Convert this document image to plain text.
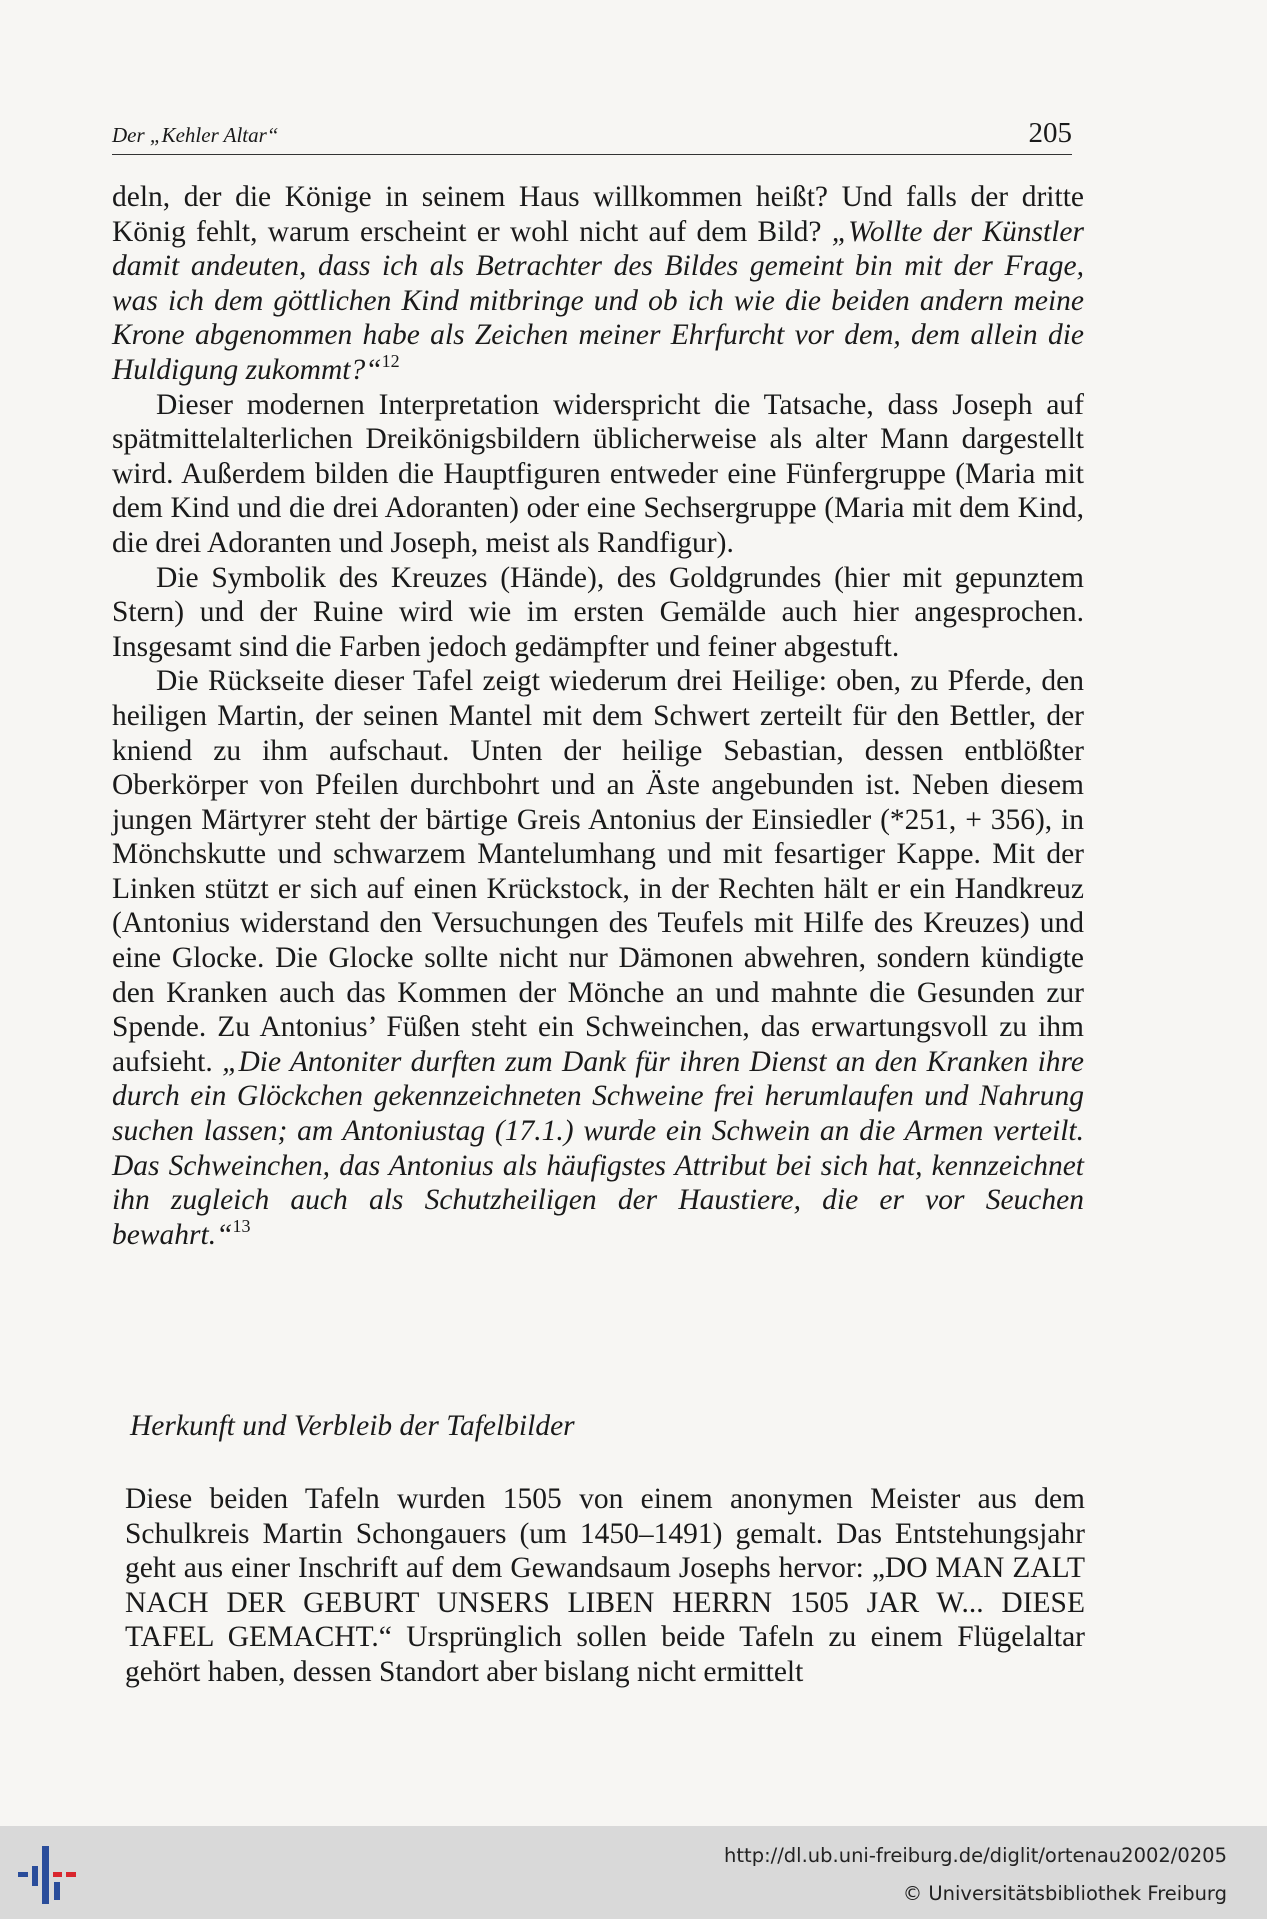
Der „Kehler Altar“	205

deln, der die Könige in seinem Haus willkommen heißt? Und falls der dritte König fehlt, warum erscheint er wohl nicht auf dem Bild? „Wollte der Künstler damit andeuten, dass ich als Betrachter des Bildes gemeint bin mit der Frage, was ich dem göttlichen Kind mitbringe und ob ich wie die beiden andern meine Krone abgenommen habe als Zeichen meiner Ehrfurcht vor dem, dem allein die Huldigung zukommt?“$^{12}$

Dieser modernen Interpretation widerspricht die Tatsache, dass Joseph auf spätmittelalterlichen Dreikönigsbildern üblicherweise als alter Mann dargestellt wird. Außerdem bilden die Hauptfiguren entweder eine Fünfergruppe (Maria mit dem Kind und die drei Adoranten) oder eine Sechsergruppe (Maria mit dem Kind, die drei Adoranten und Joseph, meist als Randfigur).

Die Symbolik des Kreuzes (Hände), des Goldgrundes (hier mit gepunztem Stern) und der Ruine wird wie im ersten Gemälde auch hier angesprochen. Insgesamt sind die Farben jedoch gedämpfter und feiner abgestuft.

Die Rückseite dieser Tafel zeigt wiederum drei Heilige: oben, zu Pferde, den heiligen Martin, der seinen Mantel mit dem Schwert zerteilt für den Bettler, der kniend zu ihm aufschaut. Unten der heilige Sebastian, dessen entblößter Oberkörper von Pfeilen durchbohrt und an Äste angebunden ist. Neben diesem jungen Märtyrer steht der bärtige Greis Antonius der Einsiedler (*251, + 356), in Mönchskutte und schwarzem Mantelumhang und mit fesartiger Kappe. Mit der Linken stützt er sich auf einen Krückstock, in der Rechten hält er ein Handkreuz (Antonius widerstand den Versuchungen des Teufels mit Hilfe des Kreuzes) und eine Glocke. Die Glocke sollte nicht nur Dämonen abwehren, sondern kündigte den Kranken auch das Kommen der Mönche an und mahnte die Gesunden zur Spende. Zu Antonius’ Füßen steht ein Schweinchen, das erwartungsvoll zu ihm aufsieht. „Die Antoniter durften zum Dank für ihren Dienst an den Kranken ihre durch ein Glöckchen gekennzeichneten Schweine frei herumlaufen und Nahrung suchen lassen; am Antoniustag (17.1.) wurde ein Schwein an die Armen verteilt. Das Schweinchen, das Antonius als häufigstes Attribut bei sich hat, kennzeichnet ihn zugleich auch als Schutzheiligen der Haustiere, die er vor Seuchen bewahrt.“$^{13}$

Herkunft und Verbleib der Tafelbilder

Diese beiden Tafeln wurden 1505 von einem anonymen Meister aus dem Schulkreis Martin Schongauers (um 1450–1491) gemalt. Das Entstehungsjahr geht aus einer Inschrift auf dem Gewandsaum Josephs hervor: „DO MAN ZALT NACH DER GEBURT UNSERS LIBEN HERRN 1505 JAR W... DIESE TAFEL GEMACHT.“ Ursprünglich sollen beide Tafeln zu einem Flügelaltar gehört haben, dessen Standort aber bislang nicht ermittelt

http://dl.ub.uni-freiburg.de/diglit/ortenau2002/0205
© Universitätsbibliothek Freiburg
